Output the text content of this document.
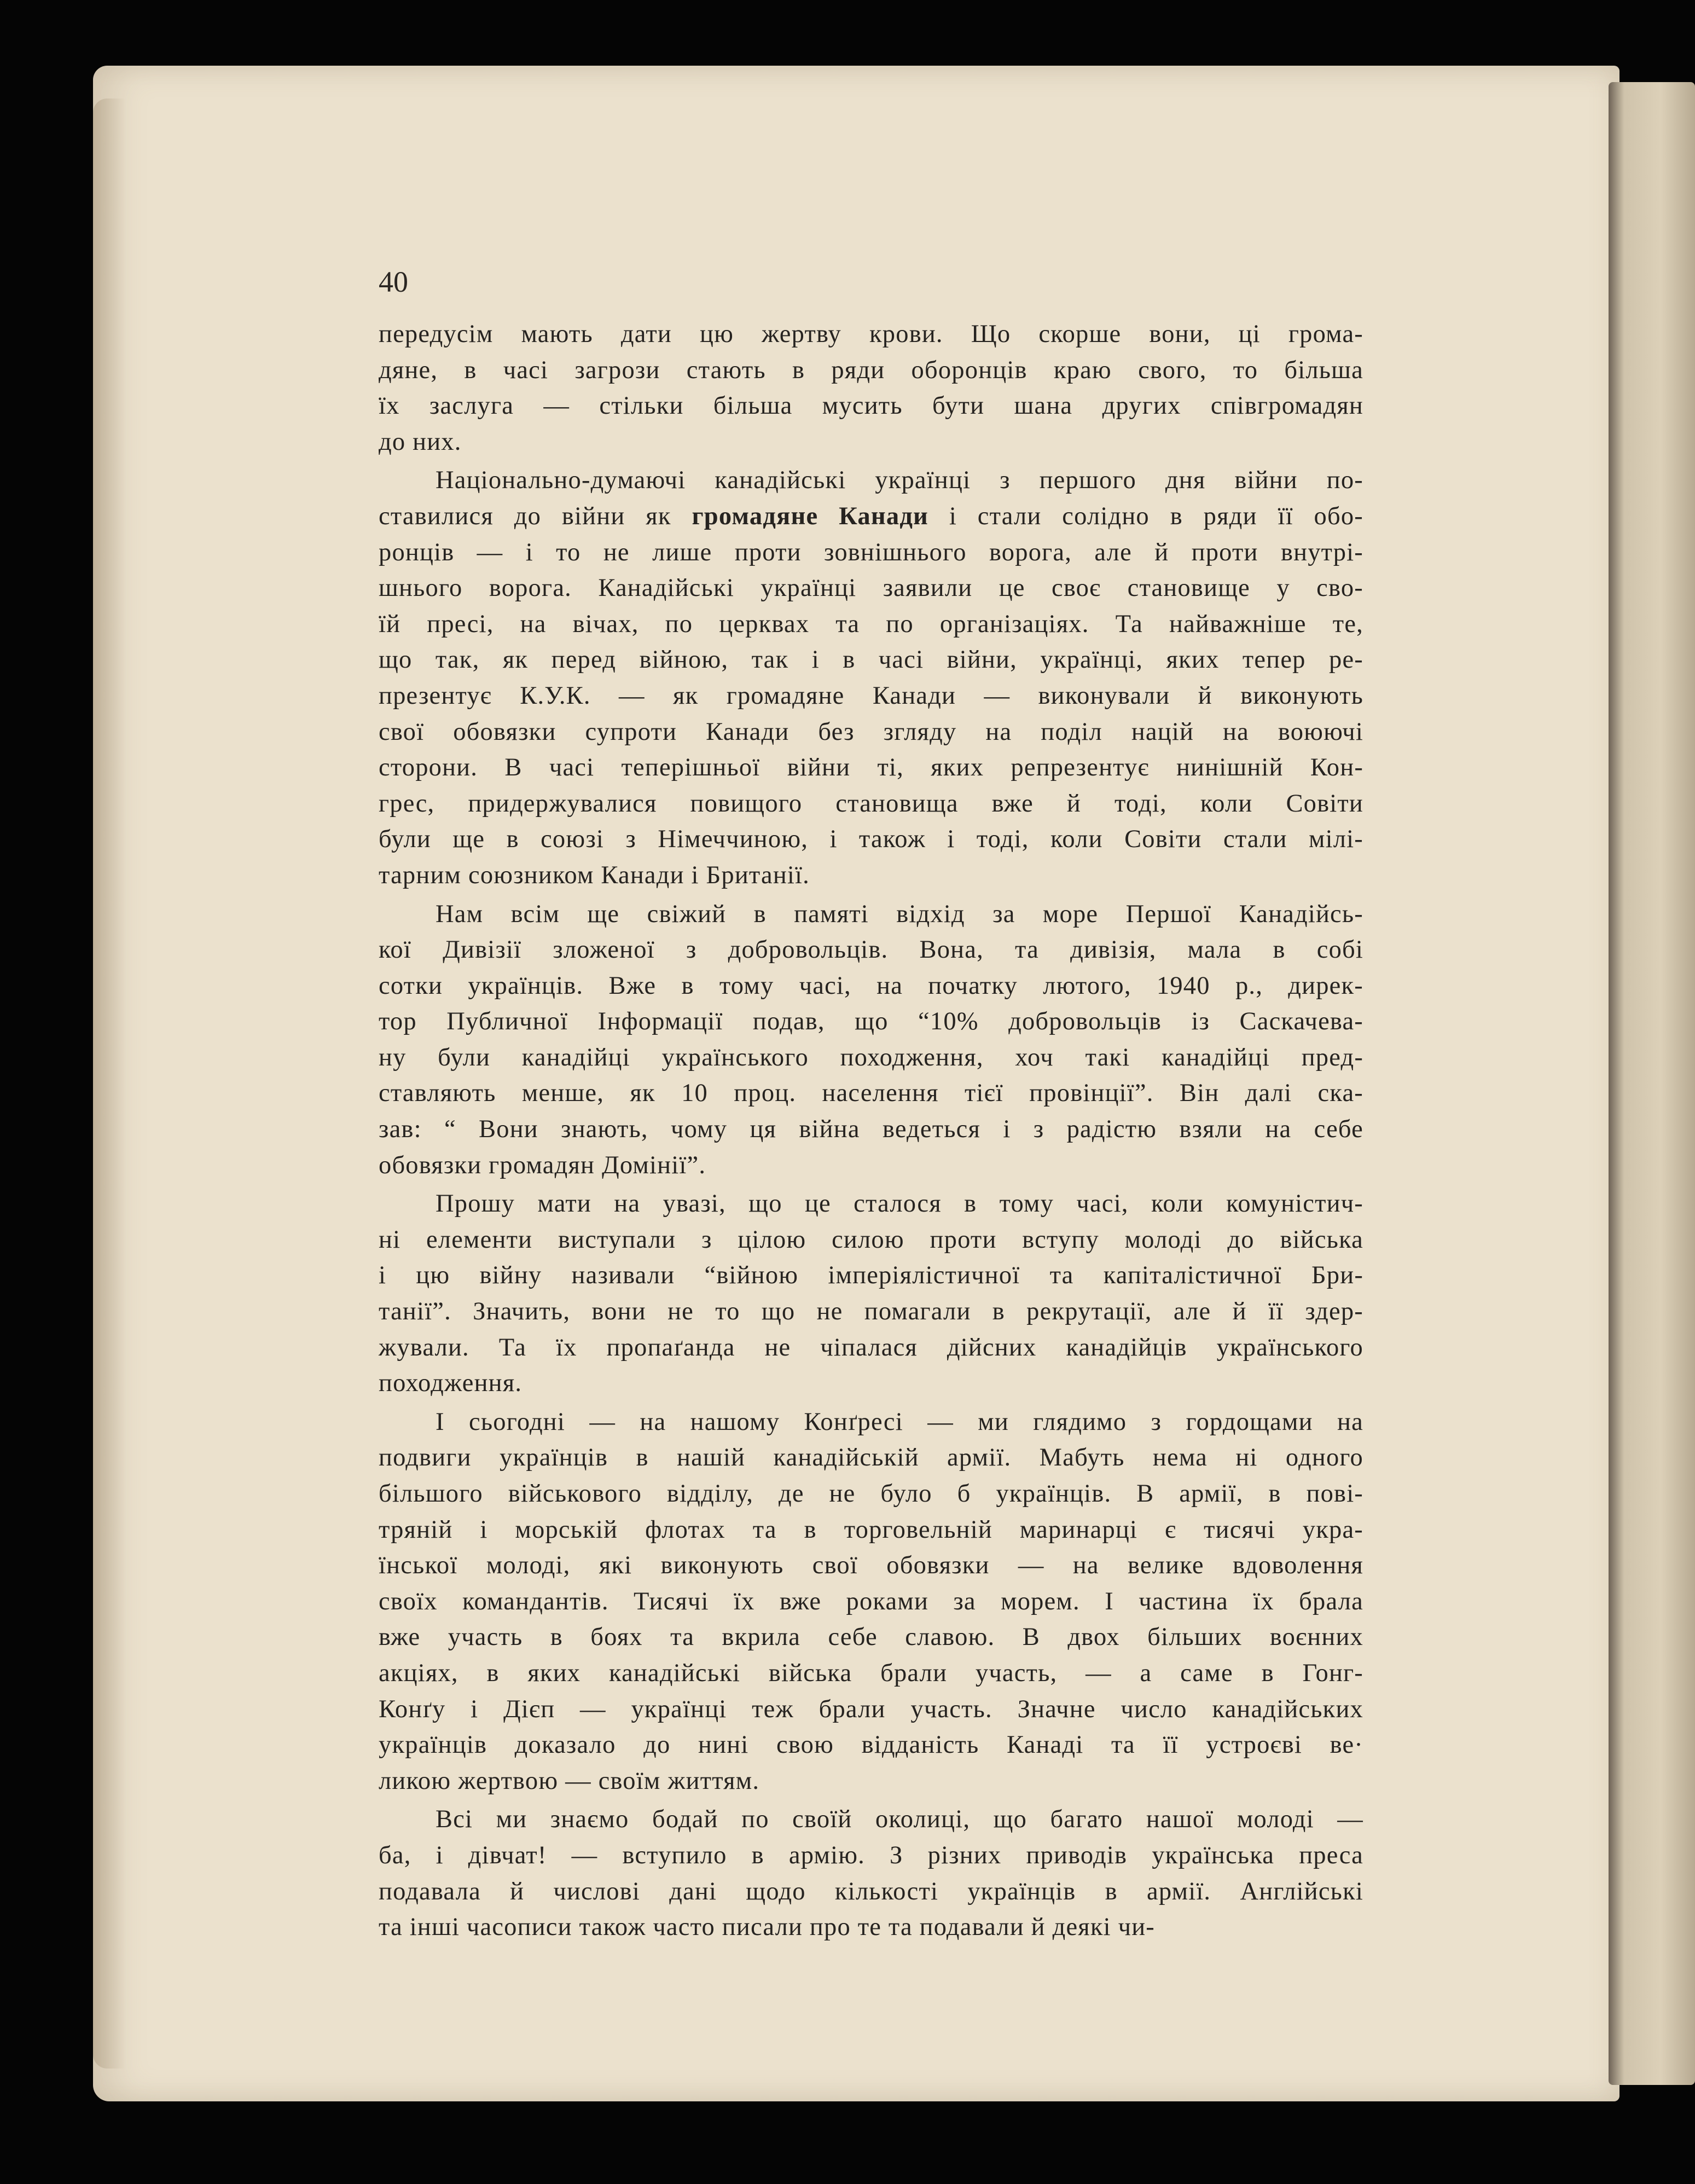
40

передусім мають дати цю жертву крови. Що скорше вони, ці грома-
дяне, в часі загрози стають в ряди оборонців краю свого, то більша
їх заслуга — стільки більша мусить бути шана других співгромадян
до них.
Національно-думаючі канадійські українці з першого дня війни по-
ставилися до війни як громадяне Канади і стали солідно в ряди її обо-
ронців — і то не лише проти зовнішнього ворога, але й проти внутрі-
шнього ворога. Канадійські українці заявили це своє становище у сво-
їй пресі, на вічах, по церквах та по організаціях. Та найважніше те,
що так, як перед війною, так і в часі війни, українці, яких тепер ре-
презентує К.У.К. — як громадяне Канади — виконували й виконують
свої обовязки супроти Канади без згляду на поділ націй на воюючі
сторони. В часі теперішньої війни ті, яких репрезентує нинішній Кон-
грес, придержувалися повищого становища вже й тоді, коли Совіти
були ще в союзі з Німеччиною, і також і тоді, коли Совіти стали мілі-
тарним союзником Канади і Британії.
Нам всім ще свіжий в памяті відхід за море Першої Канадійсь-
кої Дивізії зложеної з добровольців. Вона, та дивізія, мала в собі
сотки українців. Вже в тому часі, на початку лютого, 1940 р., дирек-
тор Публичної Інформації подав, що “10% добровольців із Саскачева-
ну були канадійці українського походження, хоч такі канадійці пред-
ставляють менше, як 10 проц. населення тієї провінції”. Він далі ска-
зав: “ Вони знають, чому ця війна ведеться і з радістю взяли на себе
обовязки громадян Домінії”.
Прошу мати на увазі, що це сталося в тому часі, коли комуністич-
ні елементи виступали з цілою силою проти вступу молоді до війська
і цю війну називали “війною імперіялістичної та капіталістичної Бри-
танії”. Значить, вони не то що не помагали в рекрутації, але й її здер-
жували. Та їх пропаґанда не чіпалася дійсних канадійців українського
походження.
І сьогодні — на нашому Конґресі — ми глядимо з гордощами на
подвиги українців в нашій канадійській армії. Мабуть нема ні одного
більшого військового відділу, де не було б українців. В армії, в пові-
тряній і морській флотах та в торговельній маринарці є тисячі укра-
їнської молоді, які виконують свої обовязки — на велике вдоволення
своїх командантів. Тисячі їх вже роками за морем. І частина їх брала
вже участь в боях та вкрила себе славою. В двох більших воєнних
акціях, в яких канадійські війська брали участь, — а саме в Гонг-
Конґу і Дієп — українці теж брали участь. Значне число канадійських
українців доказало до нині свою відданість Канаді та її устроєві ве·
ликою жертвою — своїм життям.
Всі ми знаємо бодай по своїй околиці, що багато нашої молоді —
ба, і дівчат! — вступило в армію. З різних приводів українська преса
подавала й числові дані щодо кількості українців в армії. Англійські
та інші часописи також часто писали про те та подавали й деякі чи-
